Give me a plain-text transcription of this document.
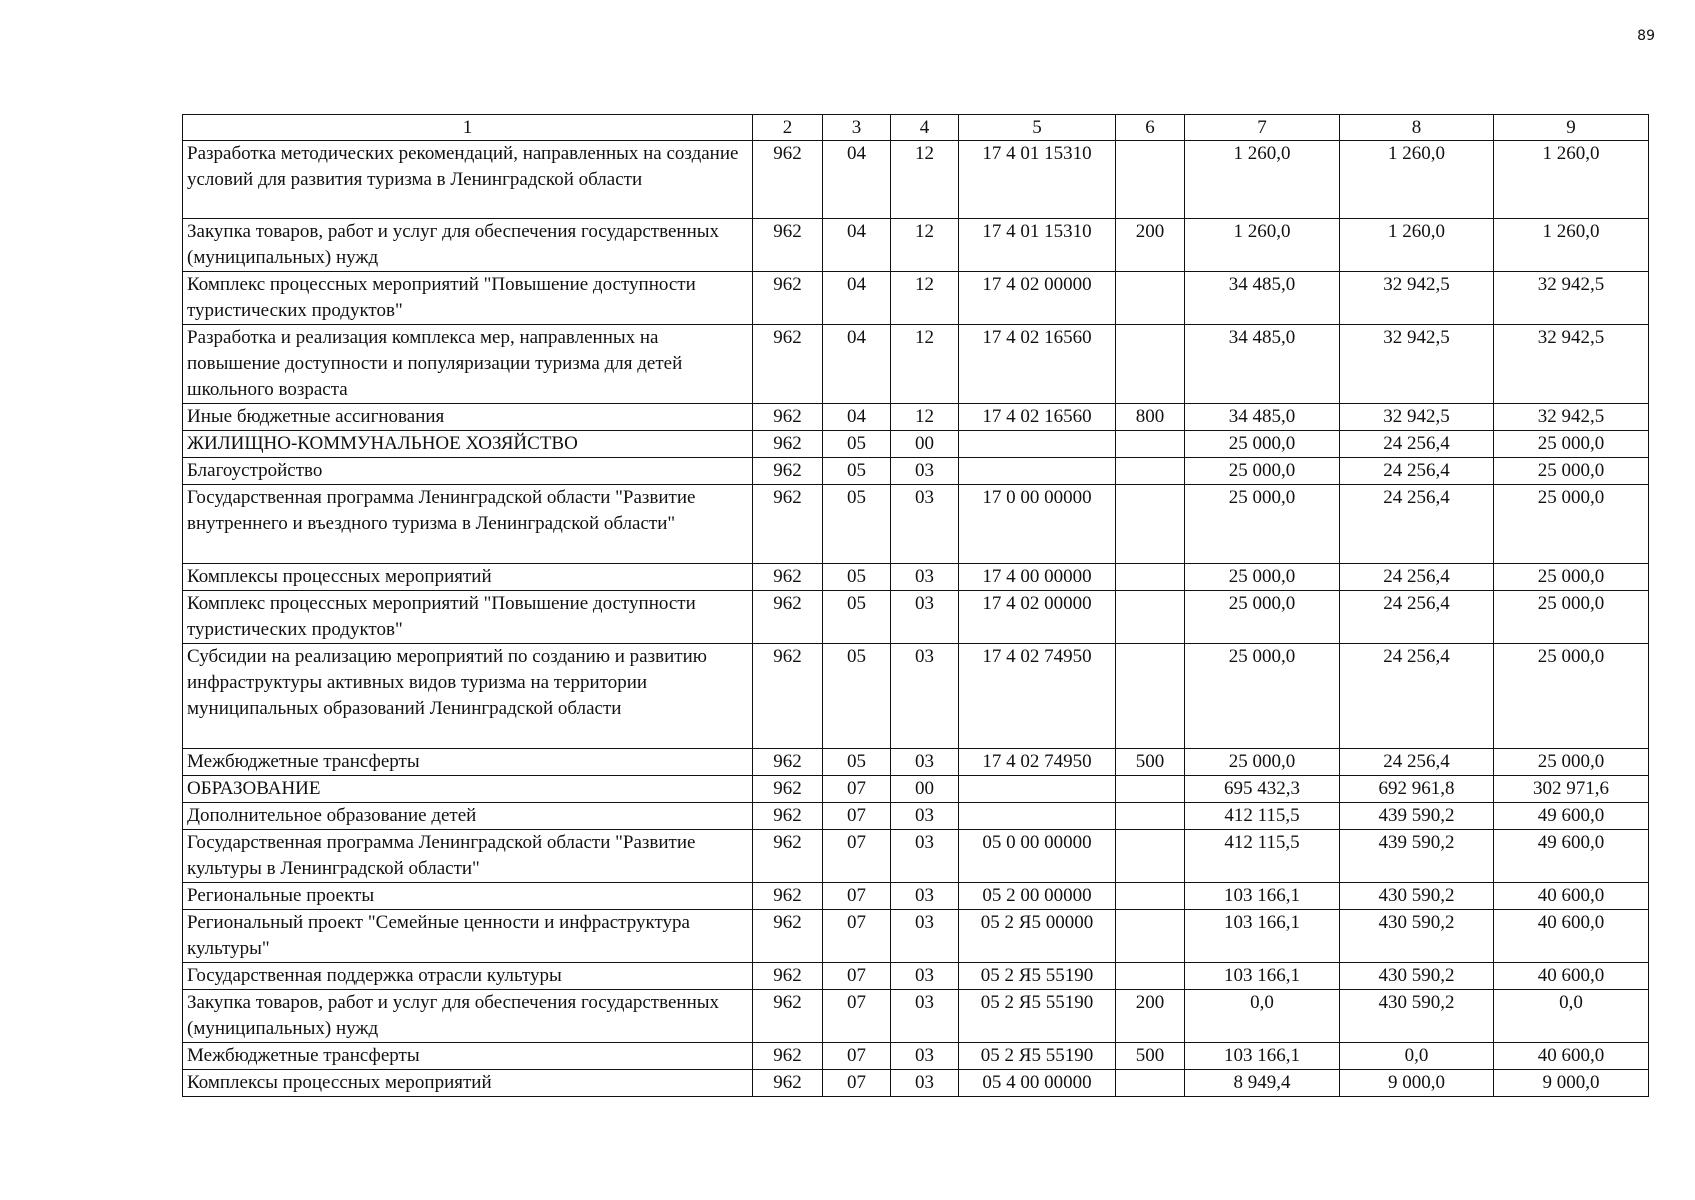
89
1	2	3	4	5	6	7	8	9
Разработка методических рекомендаций, направленных на создание условий для развития туризма в Ленинградской области	962	04	12	17 4 01 15310		1 260,0	1 260,0	1 260,0
Закупка товаров, работ и услуг для обеспечения государственных (муниципальных) нужд	962	04	12	17 4 01 15310	200	1 260,0	1 260,0	1 260,0
Комплекс процессных мероприятий "Повышение доступности туристических продуктов"	962	04	12	17 4 02 00000		34 485,0	32 942,5	32 942,5
Разработка и реализация комплекса мер, направленных на повышение доступности и популяризации туризма для детей школьного возраста	962	04	12	17 4 02 16560		34 485,0	32 942,5	32 942,5
Иные бюджетные ассигнования	962	04	12	17 4 02 16560	800	34 485,0	32 942,5	32 942,5
ЖИЛИЩНО-КОММУНАЛЬНОЕ ХОЗЯЙСТВО	962	05	00			25 000,0	24 256,4	25 000,0
Благоустройство	962	05	03			25 000,0	24 256,4	25 000,0
Государственная программа Ленинградской области "Развитие внутреннего и въездного туризма в Ленинградской области"	962	05	03	17 0 00 00000		25 000,0	24 256,4	25 000,0
Комплексы процессных мероприятий	962	05	03	17 4 00 00000		25 000,0	24 256,4	25 000,0
Комплекс процессных мероприятий "Повышение доступности туристических продуктов"	962	05	03	17 4 02 00000		25 000,0	24 256,4	25 000,0
Субсидии на реализацию мероприятий по созданию и развитию инфраструктуры активных видов туризма на территории муниципальных образований Ленинградской области	962	05	03	17 4 02 74950		25 000,0	24 256,4	25 000,0
Межбюджетные трансферты	962	05	03	17 4 02 74950	500	25 000,0	24 256,4	25 000,0
ОБРАЗОВАНИЕ	962	07	00			695 432,3	692 961,8	302 971,6
Дополнительное образование детей	962	07	03			412 115,5	439 590,2	49 600,0
Государственная программа Ленинградской области "Развитие культуры в Ленинградской области"	962	07	03	05 0 00 00000		412 115,5	439 590,2	49 600,0
Региональные проекты	962	07	03	05 2 00 00000		103 166,1	430 590,2	40 600,0
Региональный проект "Семейные ценности и инфраструктура культуры"	962	07	03	05 2 Я5 00000		103 166,1	430 590,2	40 600,0
Государственная поддержка отрасли культуры	962	07	03	05 2 Я5 55190		103 166,1	430 590,2	40 600,0
Закупка товаров, работ и услуг для обеспечения государственных (муниципальных) нужд	962	07	03	05 2 Я5 55190	200	0,0	430 590,2	0,0
Межбюджетные трансферты	962	07	03	05 2 Я5 55190	500	103 166,1	0,0	40 600,0
Комплексы процессных мероприятий	962	07	03	05 4 00 00000		8 949,4	9 000,0	9 000,0
